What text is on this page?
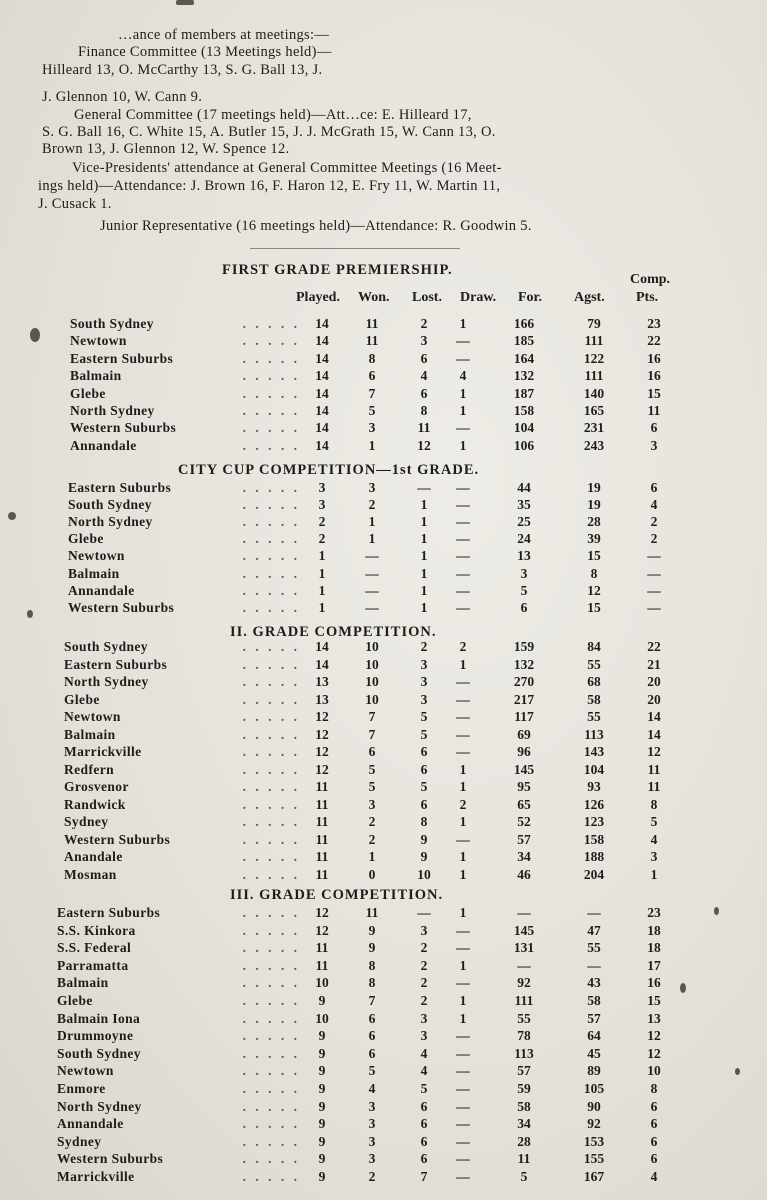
…ance of members at meetings:—
Finance Committee (13 Meetings held)—
Hilleard 13, O. McCarthy 13, S. G. Ball 13, J.
J. Glennon 10, W. Cann 9.
General Committee (17 meetings held)—Att…ce: E. Hilleard 17,
S. G. Ball 16, C. White 15, A. Butler 15, J. J. McGrath 15, W. Cann 13, O.
Brown 13, J. Glennon 12, W. Spence 12.
Vice-Presidents' attendance at General Committee Meetings (16 Meet-
ings held)—Attendance: J. Brown 16, F. Haron 12, E. Fry 11, W. Martin 11,
J. Cusack 1.
Junior Representative (16 meetings held)—Attendance: R. Goodwin 5.
Played. Won. Lost. Draw. For. Agst.
Comp.
Pts.
FIRST GRADE PREMIERSHIP.
South Sydney	. . . . .	14	11	2	1	166	79	23
Newtown	. . . . .	14	11	3	—	185	111	22
Eastern Suburbs	. . . . .	14	8	6	—	164	122	16
Balmain	. . . . .	14	6	4	4	132	111	16
Glebe	. . . . .	14	7	6	1	187	140	15
North Sydney	. . . . .	14	5	8	1	158	165	11
Western Suburbs	. . . . .	14	3	11	—	104	231	6
Annandale	. . . . .	14	1	12	1	106	243	3
CITY CUP COMPETITION—1st GRADE.
Eastern Suburbs	. . . . .	3	3	—	—	44	19	6
South Sydney	. . . . .	3	2	1	—	35	19	4
North Sydney	. . . . .	2	1	1	—	25	28	2
Glebe	. . . . .	2	1	1	—	24	39	2
Newtown	. . . . .	1	—	1	—	13	15	—
Balmain	. . . . .	1	—	1	—	3	8	—
Annandale	. . . . .	1	—	1	—	5	12	—
Western Suburbs	. . . . .	1	—	1	—	6	15	—
II. GRADE COMPETITION.
South Sydney	. . . . .	14	10	2	2	159	84	22
Eastern Suburbs	. . . . .	14	10	3	1	132	55	21
North Sydney	. . . . .	13	10	3	—	270	68	20
Glebe	. . . . .	13	10	3	—	217	58	20
Newtown	. . . . .	12	7	5	—	117	55	14
Balmain	. . . . .	12	7	5	—	69	113	14
Marrickville	. . . . .	12	6	6	—	96	143	12
Redfern	. . . . .	12	5	6	1	145	104	11
Grosvenor	. . . . .	11	5	5	1	95	93	11
Randwick	. . . . .	11	3	6	2	65	126	8
Sydney	. . . . .	11	2	8	1	52	123	5
Western Suburbs	. . . . .	11	2	9	—	57	158	4
Anandale	. . . . .	11	1	9	1	34	188	3
Mosman	. . . . .	11	0	10	1	46	204	1
III. GRADE COMPETITION.
Eastern Suburbs	. . . . .	12	11	—	1	—	—	23
S.S. Kinkora	. . . . .	12	9	3	—	145	47	18
S.S. Federal	. . . . .	11	9	2	—	131	55	18
Parramatta	. . . . .	11	8	2	1	—	—	17
Balmain	. . . . .	10	8	2	—	92	43	16
Glebe	. . . . .	9	7	2	1	111	58	15
Balmain Iona	. . . . .	10	6	3	1	55	57	13
Drummoyne	. . . . .	9	6	3	—	78	64	12
South Sydney	. . . . .	9	6	4	—	113	45	12
Newtown	. . . . .	9	5	4	—	57	89	10
Enmore	. . . . .	9	4	5	—	59	105	8
North Sydney	. . . . .	9	3	6	—	58	90	6
Annandale	. . . . .	9	3	6	—	34	92	6
Sydney	. . . . .	9	3	6	—	28	153	6
Western Suburbs	. . . . .	9	3	6	—	11	155	6
Marrickville	. . . . .	9	2	7	—	5	167	4
